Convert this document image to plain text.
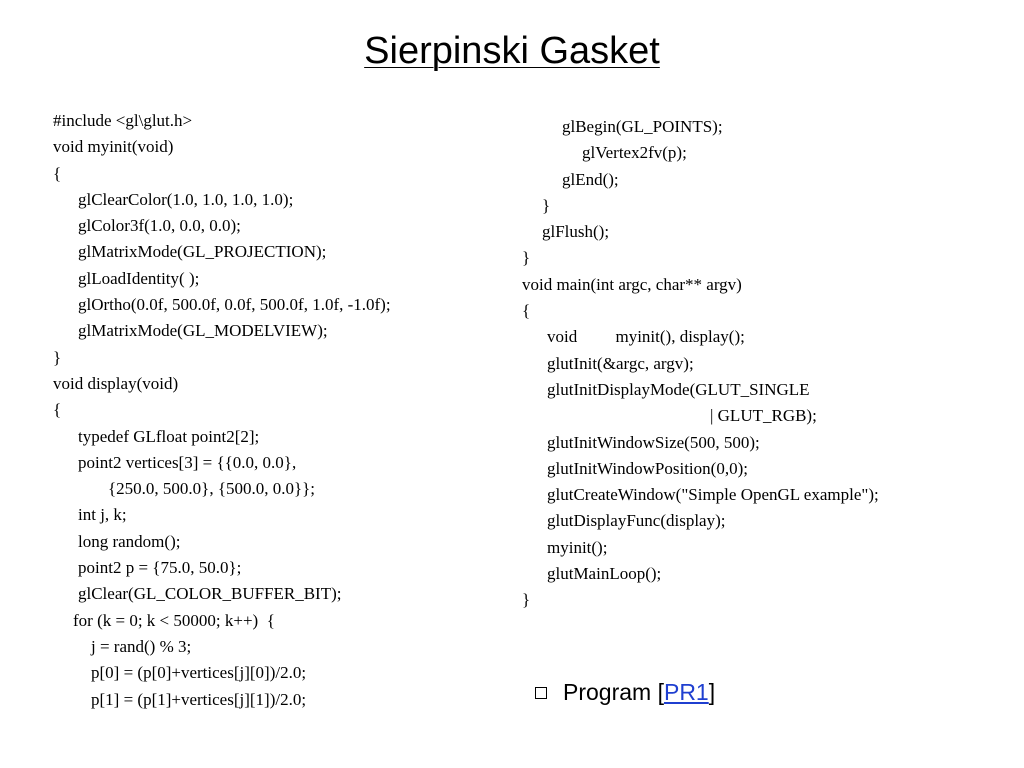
Sierpinski Gasket
#include <gl\glut.h>
void myinit(void)
{
glClearColor(1.0, 1.0, 1.0, 1.0);
glColor3f(1.0, 0.0, 0.0);
glMatrixMode(GL_PROJECTION);
glLoadIdentity( );
glOrtho(0.0f, 500.0f, 0.0f, 500.0f, 1.0f, -1.0f);
glMatrixMode(GL_MODELVIEW);
}
void display(void)
{
typedef GLfloat point2[2];
point2 vertices[3] = {{0.0, 0.0},
{250.0, 500.0}, {500.0, 0.0}};
int j, k;
long random();
point2 p = {75.0, 50.0};
glClear(GL_COLOR_BUFFER_BIT);
for (k = 0; k < 50000; k++)  {
j = rand() % 3;
p[0] = (p[0]+vertices[j][0])/2.0;
p[1] = (p[1]+vertices[j][1])/2.0;
glBegin(GL_POINTS);
glVertex2fv(p);
glEnd();
}
glFlush();
}
void main(int argc, char** argv)
{
void         myinit(), display();
glutInit(&argc, argv);
glutInitDisplayMode(GLUT_SINGLE
| GLUT_RGB);
glutInitWindowSize(500, 500);
glutInitWindowPosition(0,0);
glutCreateWindow("Simple OpenGL example");
glutDisplayFunc(display);
myinit();
glutMainLoop();
}
Program [PR1]
